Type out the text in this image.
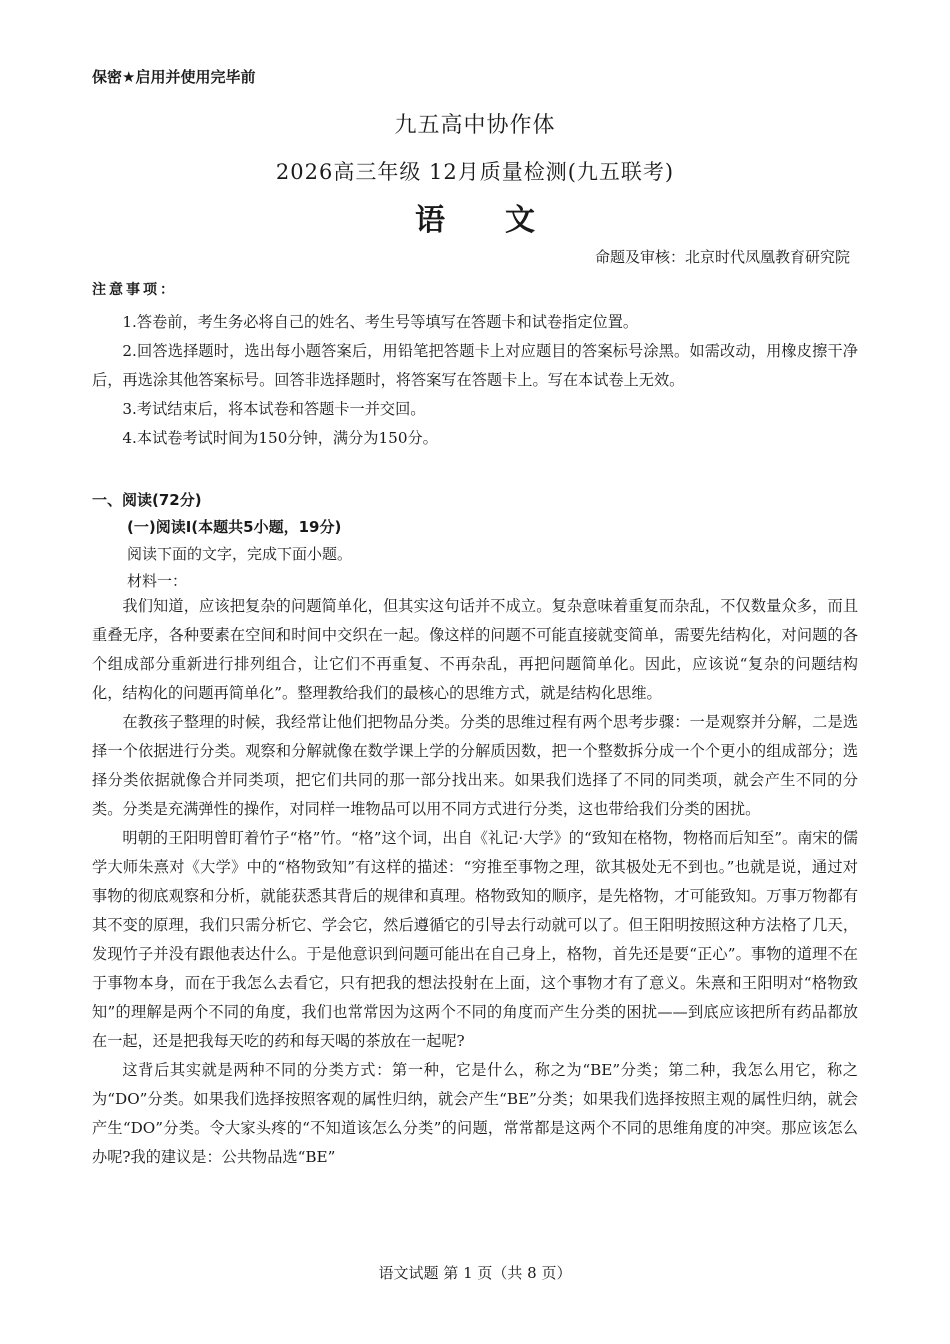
保密★启用并使用完毕前
九五高中协作体
2026高三年级 12月质量检测(九五联考)
语 文
命题及审核：北京时代凤凰教育研究院
注意事项：

1.答卷前，考生务必将自己的姓名、考生号等填写在答题卡和试卷指定位置。

2.回答选择题时，选出每小题答案后，用铅笔把答题卡上对应题目的答案标号涂黑。如需改动，用橡皮擦干净后，再选涂其他答案标号。回答非选择题时，将答案写在答题卡上。写在本试卷上无效。

3.考试结束后，将本试卷和答题卡一并交回。

4.本试卷考试时间为150分钟，满分为150分。

一、阅读(72分)
(一)阅读Ⅰ(本题共5小题，19分)
阅读下面的文字，完成下面小题。
材料一：

我们知道，应该把复杂的问题简单化，但其实这句话并不成立。复杂意味着重复而杂乱，不仅数量众多，而且重叠无序，各种要素在空间和时间中交织在一起。像这样的问题不可能直接就变简单，需要先结构化，对问题的各个组成部分重新进行排列组合，让它们不再重复、不再杂乱，再把问题简单化。因此，应该说“复杂的问题结构化，结构化的问题再简单化”。整理教给我们的最核心的思维方式，就是结构化思维。

在教孩子整理的时候，我经常让他们把物品分类。分类的思维过程有两个思考步骤：一是观察并分解，二是选择一个依据进行分类。观察和分解就像在数学课上学的分解质因数，把一个整数拆分成一个个更小的组成部分；选择分类依据就像合并同类项，把它们共同的那一部分找出来。如果我们选择了不同的同类项，就会产生不同的分类。分类是充满弹性的操作，对同样一堆物品可以用不同方式进行分类，这也带给我们分类的困扰。

明朝的王阳明曾盯着竹子“格”竹。“格”这个词，出自《礼记·大学》的“致知在格物，物格而后知至”。南宋的儒学大师朱熹对《大学》中的“格物致知”有这样的描述：“穷推至事物之理，欲其极处无不到也。”也就是说，通过对事物的彻底观察和分析，就能获悉其背后的规律和真理。格物致知的顺序，是先格物，才可能致知。万事万物都有其不变的原理，我们只需分析它、学会它，然后遵循它的引导去行动就可以了。但王阳明按照这种方法格了几天，发现竹子并没有跟他表达什么。于是他意识到问题可能出在自己身上，格物，首先还是要“正心”。事物的道理不在于事物本身，而在于我怎么去看它，只有把我的想法投射在上面，这个事物才有了意义。朱熹和王阳明对“格物致知”的理解是两个不同的角度，我们也常常因为这两个不同的角度而产生分类的困扰——到底应该把所有药品都放在一起，还是把我每天吃的药和每天喝的茶放在一起呢?

这背后其实就是两种不同的分类方式：第一种，它是什么，称之为“BE”分类；第二种，我怎么用它，称之为“DO”分类。如果我们选择按照客观的属性归纳，就会产生“BE”分类；如果我们选择按照主观的属性归纳，就会产生“DO”分类。令大家头疼的“不知道该怎么分类”的问题，常常都是这两个不同的思维角度的冲突。那应该怎么办呢?我的建议是：公共物品选“BE”

语文试题 第 1 页（共 8 页）
